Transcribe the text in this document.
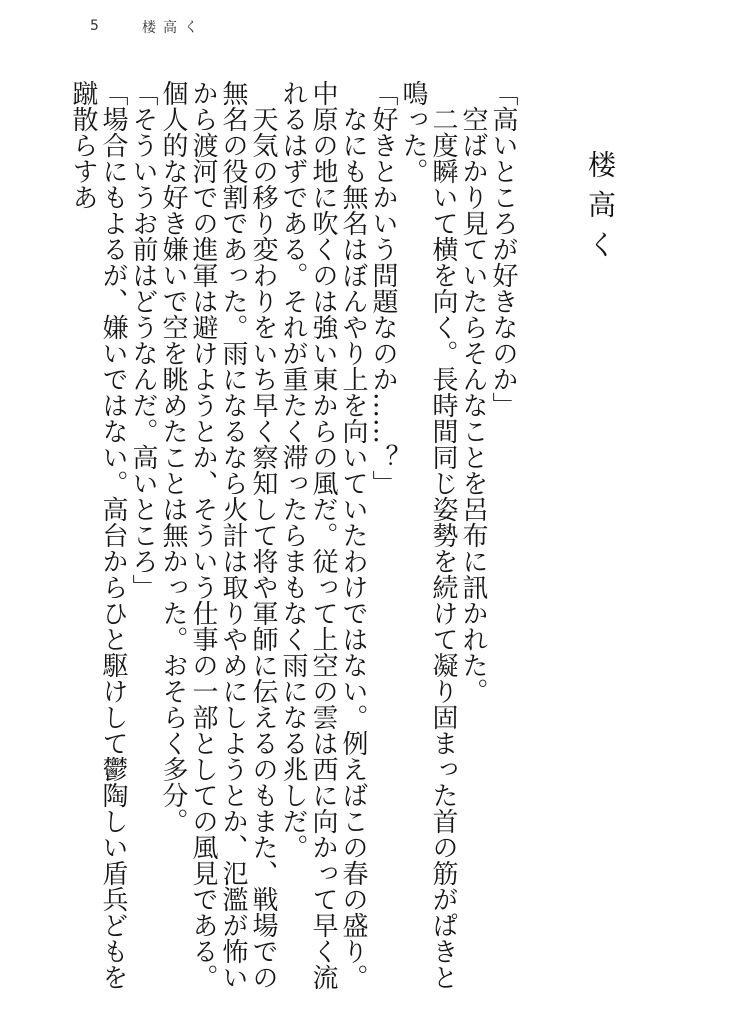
5	楼高く
楼高く

「高いところが好きなのか」

　空ばかり見ていたらそんなことを呂布に訊かれた。

　二度瞬いて横を向く。長時間同じ姿勢を続けて凝り固まった首の筋がぱきと鳴った。

「好きとかいう問題なのか……？」

　なにも無名はぼんやり上を向いていたわけではない。例えばこの春の盛り。中原の地に吹くのは強い東からの風だ。従って上空の雲は西に向かって早く流れるはずである。それが重たく滞ったらまもなく雨になる兆しだ。

　天気の移り変わりをいち早く察知して将や軍師に伝えるのもまた、戦場での無名の役割であった。雨になるなら火計は取りやめにしようとか、氾濫が怖いから渡河での進軍は避けようとか、そういう仕事の一部としての風見である。個人的な好き嫌いで空を眺めたことは無かった。おそらく多分。

「そういうお前はどうなんだ。高いところ」

「場合にもよるが、嫌いではない。高台からひと駆けして鬱陶しい盾兵どもを蹴散らすあ
